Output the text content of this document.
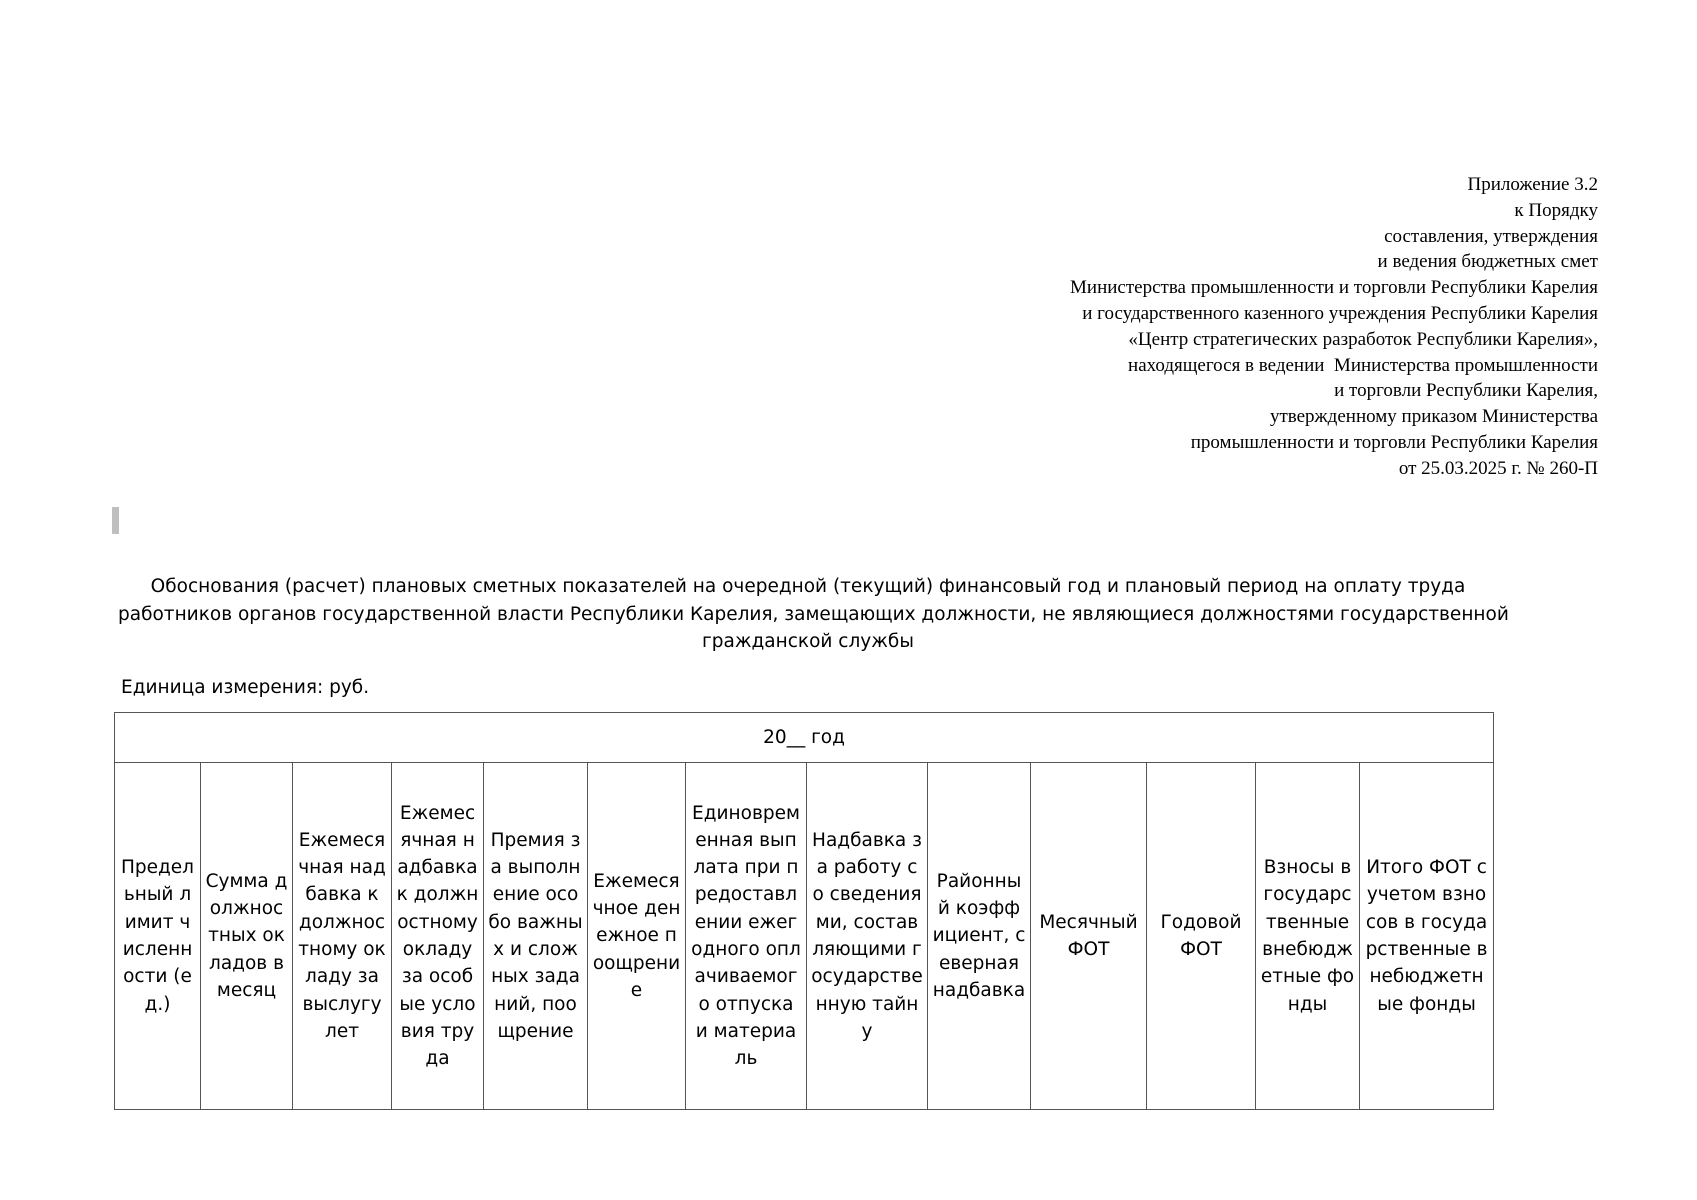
Приложение 3.2
к Порядку
составления, утверждения
и ведения бюджетных смет
Министерства промышленности и торговли Республики Карелия
и государственного казенного учреждения Республики Карелия
«Центр стратегических разработок Республики Карелия»,
находящегося в ведении  Министерства промышленности
и торговли Республики Карелия,
утвержденному приказом Министерства
промышленности и торговли Республики Карелия
от 25.03.2025 г. № 260-П
Обоснования (расчет) плановых сметных показателей на очередной (текущий) финансовый год и плановый период на оплату труда
работников органов государственной власти Республики Карелия, замещающих должности, не являющиеся должностями государственной
гражданской службы
Единица измерения: руб.
20__ год
Предельный лимит численности (ед.)	Сумма должностных окладов в месяц	Ежемесячная надбавка к должностному окладу за выслугу лет	Ежемесячная надбавка к должностному окладу за особые условия труда	Премия за выполнение особо важных и сложных заданий, поощрение	Ежемесячное денежное поощрение	Единовременная выплата при предоставлении ежегодного оплачиваемого отпуска и материаль	Надбавка за работу со сведениями, составляющими государственную тайну	Районный коэффициент, северная надбавка	Месячный ФОТ	Годовой ФОТ	Взносы в государственные внебюджетные фонды	Итого ФОТ с учетом взносов в государственные внебюджетные фонды
